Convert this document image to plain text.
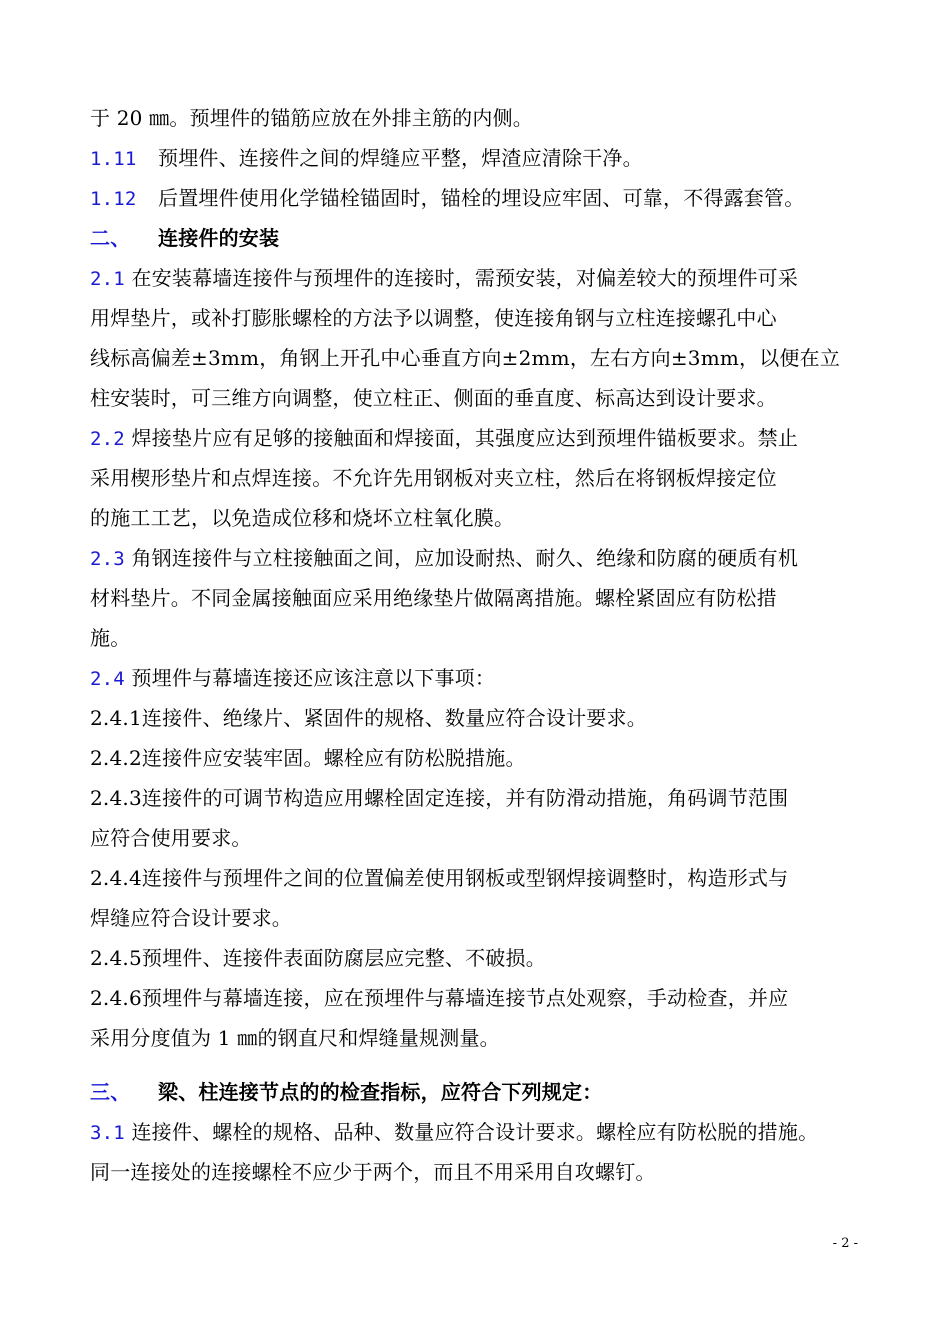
于 20 ㎜。预埋件的锚筋应放在外排主筋的内侧。
1.11 预埋件、连接件之间的焊缝应平整，焊渣应清除干净。
1.12 后置埋件使用化学锚栓锚固时，锚栓的埋设应牢固、可靠，不得露套管。
二、 连接件的安装
2.1 在安装幕墙连接件与预埋件的连接时，需预安装，对偏差较大的预埋件可采
用焊垫片，或补打膨胀螺栓的方法予以调整，使连接角钢与立柱连接螺孔中心
线标高偏差±3mm，角钢上开孔中心垂直方向±2mm，左右方向±3mm，以便在立
柱安装时，可三维方向调整，使立柱正、侧面的垂直度、标高达到设计要求。
2.2 焊接垫片应有足够的接触面和焊接面，其强度应达到预埋件锚板要求。禁止
采用楔形垫片和点焊连接。不允许先用钢板对夹立柱，然后在将钢板焊接定位
的施工工艺，以免造成位移和烧坏立柱氧化膜。
2.3 角钢连接件与立柱接触面之间，应加设耐热、耐久、绝缘和防腐的硬质有机
材料垫片。不同金属接触面应采用绝缘垫片做隔离措施。螺栓紧固应有防松措
施。
2.4 预埋件与幕墙连接还应该注意以下事项：
2.4.1连接件、绝缘片、紧固件的规格、数量应符合设计要求。
2.4.2连接件应安装牢固。螺栓应有防松脱措施。
2.4.3连接件的可调节构造应用螺栓固定连接，并有防滑动措施，角码调节范围
应符合使用要求。
2.4.4连接件与预埋件之间的位置偏差使用钢板或型钢焊接调整时，构造形式与
焊缝应符合设计要求。
2.4.5预埋件、连接件表面防腐层应完整、不破损。
2.4.6预埋件与幕墙连接，应在预埋件与幕墙连接节点处观察，手动检查，并应
采用分度值为 1 ㎜的钢直尺和焊缝量规测量。
三、 梁、柱连接节点的的检查指标，应符合下列规定：
3.1 连接件、螺栓的规格、品种、数量应符合设计要求。螺栓应有防松脱的措施。
同一连接处的连接螺栓不应少于两个，而且不用采用自攻螺钉。
- 2 -
